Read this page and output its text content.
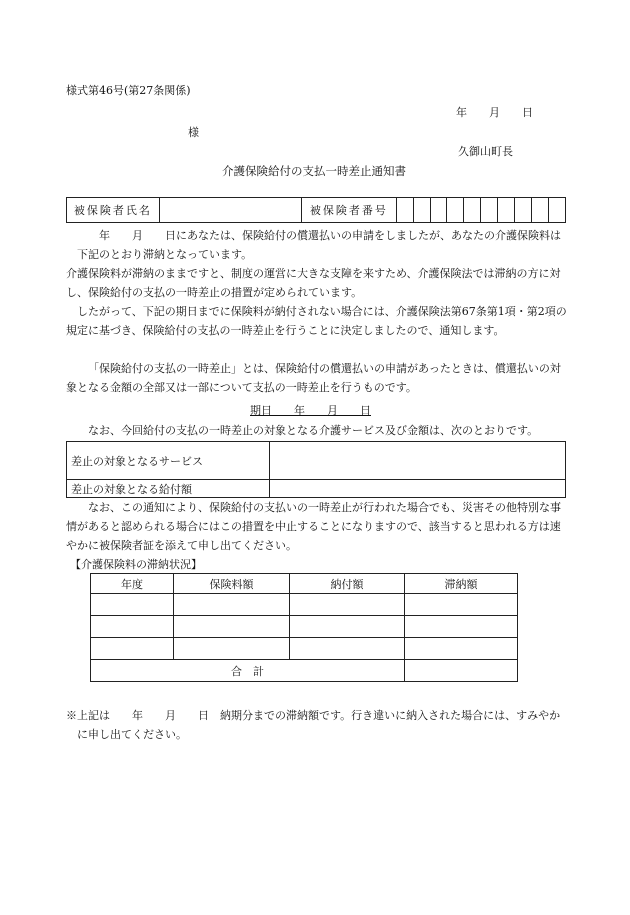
様式第46号(第27条関係)
年　　月　　日
様
久御山町長
介護保険給付の支払一時差止通知書
被保険者氏名		被保険者番号										
　　年　　月　　日にあなたは、保険給付の償還払いの申請をしましたが、あなたの介護保険料は下記のとおり滞納となっています。
介護保険料が滞納のままですと、制度の運営に大きな支障を来すため、介護保険法では滞納の方に対し、保険給付の支払の一時差止の措置が定められています。
したがって、下記の期日までに保険料が納付されない場合には、介護保険法第67条第1項・第2項の規定に基づき、保険給付の支払の一時差止を行うことに決定しましたので、通知します。
「保険給付の支払の一時差止」とは、保険給付の償還払いの申請があったときは、償還払いの対象となる金額の全部又は一部について支払の一時差止を行うものです。
期日　　年　　月　　日
なお、今回給付の支払の一時差止の対象となる介護サービス及び金額は、次のとおりです。
差止の対象となるサービス	
差止の対象となる給付額	
なお、この通知により、保険給付の支払いの一時差止が行われた場合でも、災害その他特別な事情があると認められる場合にはこの措置を中止することになりますので、該当すると思われる方は速やかに被保険者証を添えて申し出てください。
【介護保険料の滞納状況】
年度	保険料額	納付額	滞納額

合　計			
※上記は　　年　　月　　日　納期分までの滞納額です。行き違いに納入された場合には、すみやかに申し出てください。
